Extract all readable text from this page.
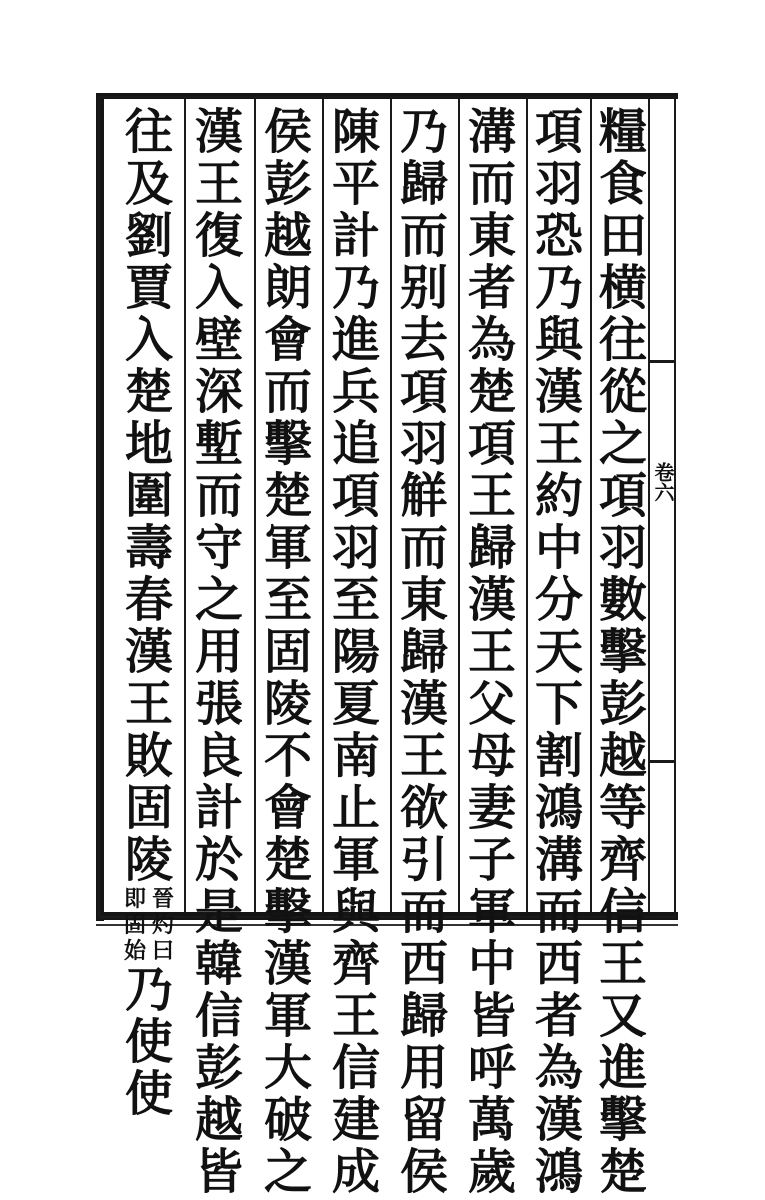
卷六
糧
食
田
横
往
從
之
項
羽
數
擊
彭
越
等
齊
信
王
又
進
擊
楚
項
羽
恐
乃
與
漢
王
約
中
分
天
下
割
鴻
溝
而
西
者
為
漢
鴻
溝
而
東
者
為
楚
項
王
歸
漢
王
父
母
妻
子
軍
中
皆
呼
萬
歲
乃
歸
而
别
去
項
羽
觧
而
東
歸
漢
王
欲
引
而
西
歸
用
留
侯
陳
平
計
乃
進
兵
追
項
羽
至
陽
夏
南
止
軍
與
齊
王
信
建
成
侯
彭
越
朗
會
而
擊
楚
軍
至
固
陵
不
會
楚
擊
漢
軍
大
破
之
漢
王
復
入
壁
深
塹
而
守
之
用
張
良
計
於
是
韓
信
彭
越
皆
往
及
劉
賈
入
楚
地
圍
壽
春
漢
王
敗
固
陵
晉
灼
曰
即
固
始
乃
使
使
